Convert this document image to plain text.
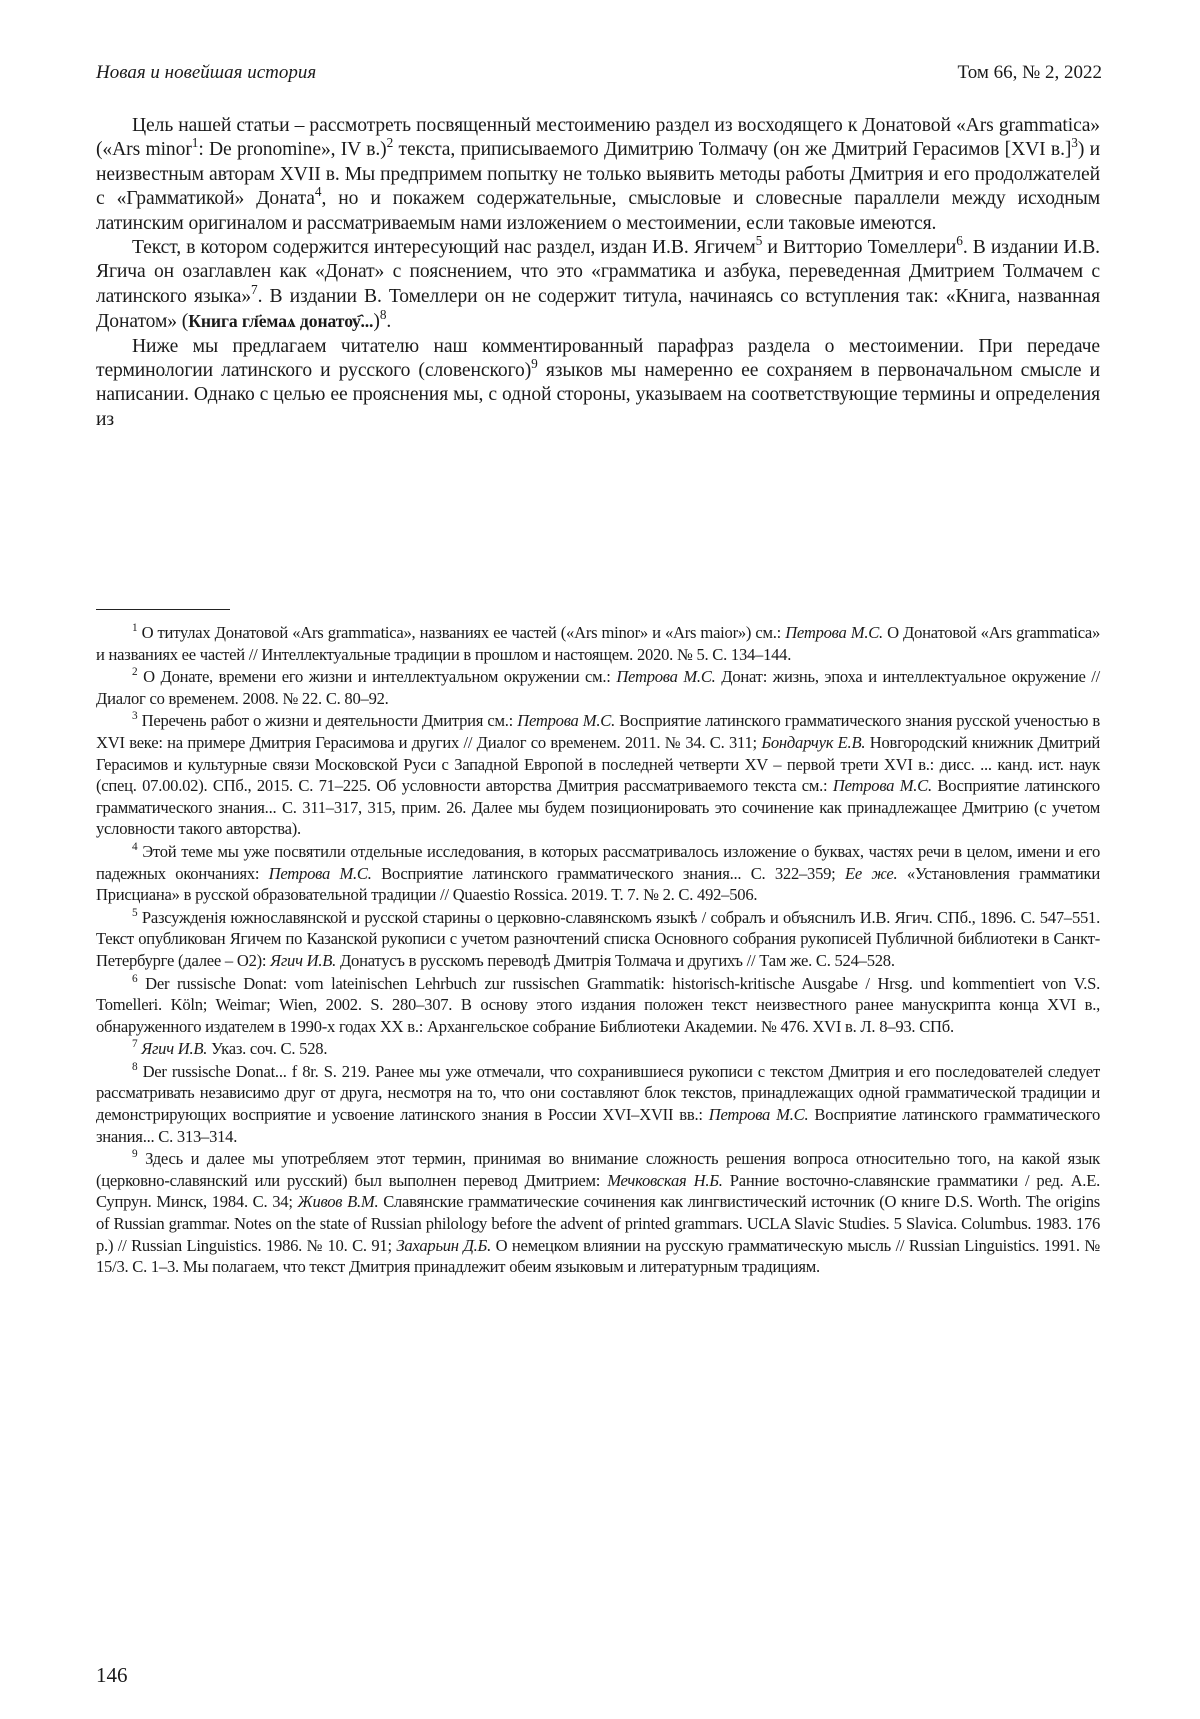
Новая и новейшая история	Том 66, № 2, 2022

Цель нашей статьи – рассмотреть посвященный местоимению раздел из восходящего к Донатовой «Ars grammatica» («Ars minor1: De pronomine», IV в.)2 текста, приписываемого Димитрию Толмачу (он же Дмитрий Герасимов [XVI в.]3) и неизвестным авторам XVII в. Мы предпримем попытку не только выявить методы работы Дмитрия и его продолжателей с «Грамматикой» Доната4, но и покажем содержательные, смысловые и словесные параллели между исходным латинским оригиналом и рассматриваемым нами изложением о местоимении, если таковые имеются.

Текст, в котором содержится интересующий нас раздел, издан И.В. Ягичем5 и Витторио Томеллери6. В издании И.В. Ягича он озаглавлен как «Донат» с пояснением, что это «грамматика и азбука, переведенная Дмитрием Толмачем с латинского языка»7. В издании В. Томеллери он не содержит титула, начинаясь со вступления так: «Книга, названная Донатом» (Книга гл҃емаѧ донатѹ҄...)8.

Ниже мы предлагаем читателю наш комментированный парафраз раздела о местоимении. При передаче терминологии латинского и русского (словенского)9 языков мы намеренно ее сохраняем в первоначальном смысле и написании. Однако с целью ее прояснения мы, с одной стороны, указываем на соответствующие термины и определения из

1 О титулах Донатовой «Ars grammatica», названиях ее частей («Ars minor» и «Ars maior») см.: Петрова М.С. О Донатовой «Ars grammatica» и названиях ее частей // Интеллектуальные традиции в прошлом и настоящем. 2020. № 5. С. 134–144.

2 О Донате, времени его жизни и интеллектуальном окружении см.: Петрова М.С. Донат: жизнь, эпоха и интеллектуальное окружение // Диалог со временем. 2008. № 22. С. 80–92.

3 Перечень работ о жизни и деятельности Дмитрия см.: Петрова М.С. Восприятие латинского грамматического знания русской ученостью в XVI веке: на примере Дмитрия Герасимова и других // Диалог со временем. 2011. № 34. С. 311; Бондарчук Е.В. Новгородский книжник Дмитрий Герасимов и культурные связи Московской Руси с Западной Европой в последней четверти XV – первой трети XVI в.: дисс. ... канд. ист. наук (спец. 07.00.02). СПб., 2015. С. 71–225. Об условности авторства Дмитрия рассматриваемого текста см.: Петрова М.С. Восприятие латинского грамматического знания... С. 311–317, 315, прим. 26. Далее мы будем позиционировать это сочинение как принадлежащее Дмитрию (с учетом условности такого авторства).

4 Этой теме мы уже посвятили отдельные исследования, в которых рассматривалось изложение о буквах, частях речи в целом, имени и его падежных окончаниях: Петрова М.С. Восприятие латинского грамматического знания... С. 322–359; Ее же. «Установления грамматики Присциана» в русской образовательной традиции // Quaestio Rossica. 2019. Т. 7. № 2. С. 492–506.

5 Разсужденія южнославянской и русской старины о церковно-славянскомъ языкѣ / собралъ и объяснилъ И.В. Ягич. СПб., 1896. С. 547–551. Текст опубликован Ягичем по Казанской рукописи с учетом разночтений списка Основного собрания рукописей Публичной библиотеки в Санкт-Петербурге (далее – О2): Ягич И.В. Донатусъ в русскомъ переводѣ Дмитрія Толмача и другихъ // Там же. С. 524–528.

6 Der russische Donat: vom lateinischen Lehrbuch zur russischen Grammatik: historisch-kritische Ausgabe / Hrsg. und kommentiert von V.S. Tomelleri. Köln; Weimar; Wien, 2002. S. 280–307. В основу этого издания положен текст неизвестного ранее манускрипта конца XVI в., обнаруженного издателем в 1990-х годах XX в.: Архангельское собрание Библиотеки Академии. № 476. XVI в. Л. 8–93. СПб.

7 Ягич И.В. Указ. соч. С. 528.

8 Der russische Donat... f 8r. S. 219. Ранее мы уже отмечали, что сохранившиеся рукописи с текстом Дмитрия и его последователей следует рассматривать независимо друг от друга, несмотря на то, что они составляют блок текстов, принадлежащих одной грамматической традиции и демонстрирующих восприятие и усвоение латинского знания в России XVI–XVII вв.: Петрова М.С. Восприятие латинского грамматического знания... С. 313–314.

9 Здесь и далее мы употребляем этот термин, принимая во внимание сложность решения вопроса относительно того, на какой язык (церковно-славянский или русский) был выполнен перевод Дмитрием: Мечковская Н.Б. Ранние восточно-славянские грамматики / ред. А.Е. Супрун. Минск, 1984. С. 34; Живов В.М. Славянские грамматические сочинения как лингвистический источник (О книге D.S. Worth. The origins of Russian grammar. Notes on the state of Russian philology before the advent of printed grammars. UCLA Slavic Studies. 5 Slavica. Columbus. 1983. 176 p.) // Russian Linguistics. 1986. № 10. С. 91; Захарьин Д.Б. О немецком влиянии на русскую грамматическую мысль // Russian Linguistics. 1991. № 15/3. С. 1–3. Мы полагаем, что текст Дмитрия принадлежит обеим языковым и литературным традициям.

146
